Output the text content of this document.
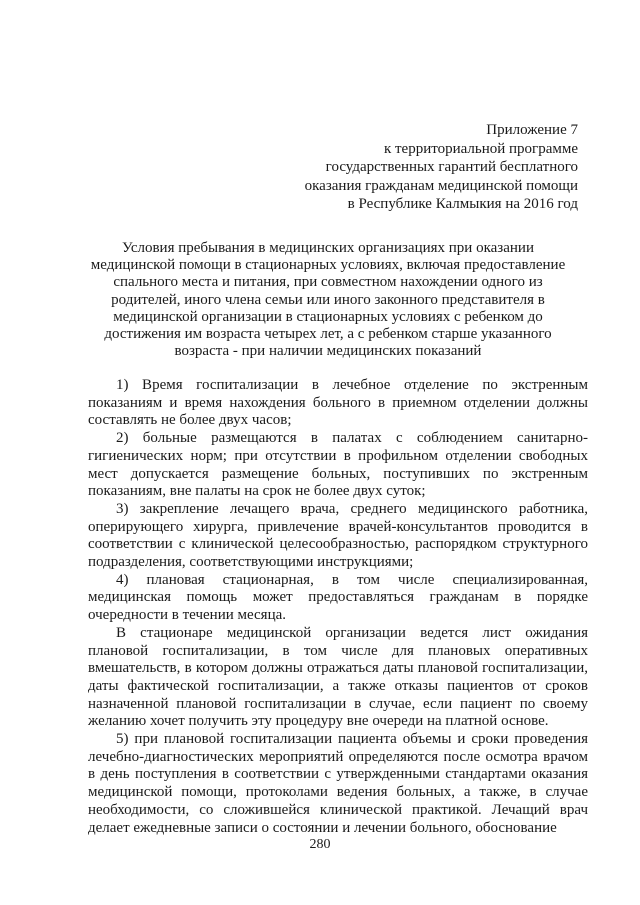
Приложение 7
к территориальной программе
государственных гарантий бесплатного
оказания гражданам медицинской помощи
в Республике Калмыкия на 2016 год
Условия пребывания в медицинских организациях при оказании
медицинской помощи в стационарных условиях, включая предоставление
спального места и питания, при совместном нахождении одного из
родителей, иного члена семьи или иного законного представителя в
медицинской организации в стационарных условиях с ребенком до
достижения им возраста четырех лет, а с ребенком старше указанного
возраста - при наличии медицинских показаний
1) Время госпитализации в лечебное отделение по экстренным показаниям и время нахождения больного в приемном отделении должны составлять не более двух часов;
2) больные размещаются в палатах с соблюдением санитарно-гигиенических норм; при отсутствии в профильном отделении свободных мест допускается размещение больных, поступивших по экстренным показаниям, вне палаты на срок не более двух суток;
3) закрепление лечащего врача, среднего медицинского работника, оперирующего хирурга, привлечение врачей-консультантов проводится в соответствии с клинической целесообразностью, распорядком структурного подразделения, соответствующими инструкциями;
4) плановая стационарная, в том числе специализированная, медицинская помощь может предоставляться гражданам в порядке очередности в течении месяца.
В стационаре медицинской организации ведется лист ожидания плановой госпитализации, в том числе для плановых оперативных вмешательств, в котором должны отражаться даты плановой госпитализации, даты фактической госпитализации, а также отказы пациентов от сроков назначенной плановой госпитализации в случае, если пациент по своему желанию хочет получить эту процедуру вне очереди на платной основе.
5) при плановой госпитализации пациента объемы и сроки проведения лечебно-диагностических мероприятий определяются после осмотра врачом в день поступления в соответствии с утвержденными стандартами оказания медицинской помощи, протоколами ведения больных, а также, в случае необходимости, со сложившейся клинической практикой. Лечащий врач делает ежедневные записи о состоянии и лечении больного, обоснование
280
